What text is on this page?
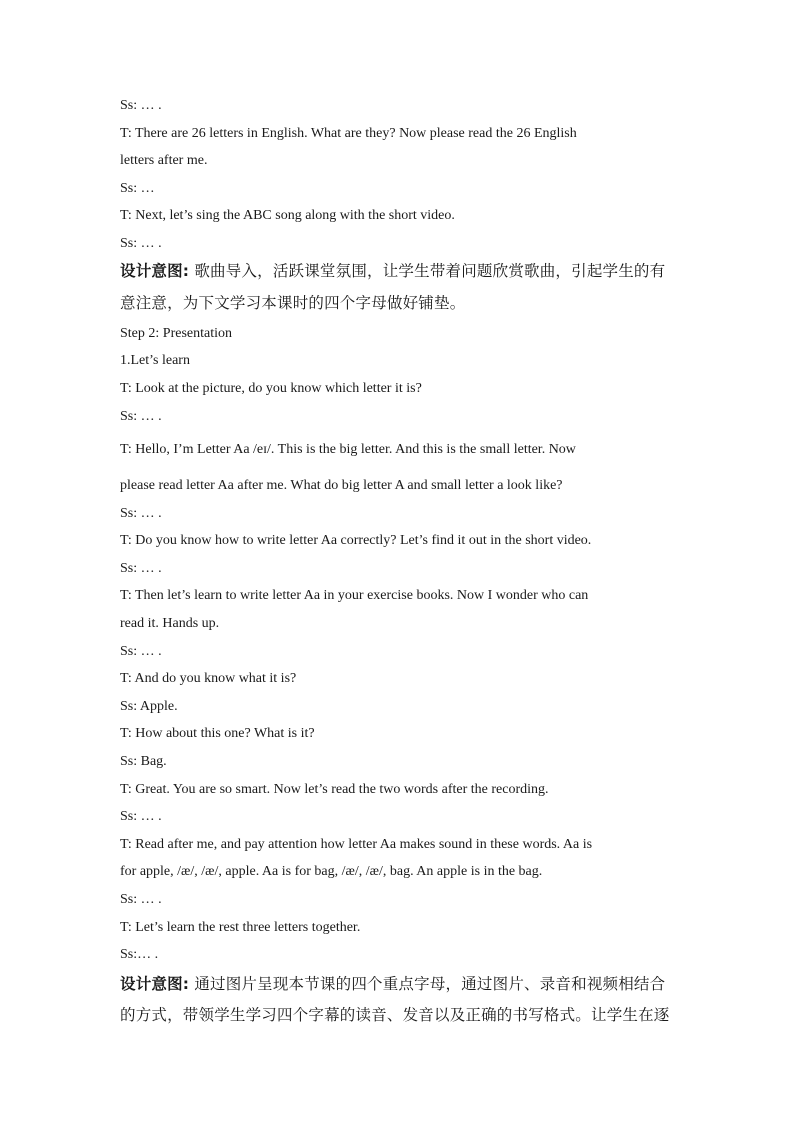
Ss: … .
T: There are 26 letters in English. What are they? Now please read the 26 English
letters after me.
Ss: …
T: Next, let’s sing the ABC song along with the short video.
Ss: … .
设计意图: 歌曲导入，活跃课堂氛围，让学生带着问题欣赏歌曲，引起学生的有
意注意，为下文学习本课时的四个字母做好铺垫。
Step 2: Presentation
1.Let’s learn
T: Look at the picture, do you know which letter it is?
Ss: … .
T: Hello, I’m Letter Aa /eɪ/. This is the big letter. And this is the small letter. Now
please read letter Aa after me. What do big letter A and small letter a look like?
Ss: … .
T: Do you know how to write letter Aa correctly? Let’s find it out in the short video.
Ss: … .
T: Then let’s learn to write letter Aa in your exercise books. Now I wonder who can
read it. Hands up.
Ss: … .
T: And do you know what it is?
Ss: Apple.
T: How about this one? What is it?
Ss: Bag.
T: Great. You are so smart. Now let’s read the two words after the recording.
Ss: … .
T: Read after me, and pay attention how letter Aa makes sound in these words. Aa is
for apple, /æ/, /æ/, apple. Aa is for bag, /æ/, /æ/, bag. An apple is in the bag.
Ss: … .
T: Let’s learn the rest three letters together.
Ss:… .
设计意图: 通过图片呈现本节课的四个重点字母，通过图片、录音和视频相结合
的方式，带领学生学习四个字幕的读音、发音以及正确的书写格式。让学生在逐
